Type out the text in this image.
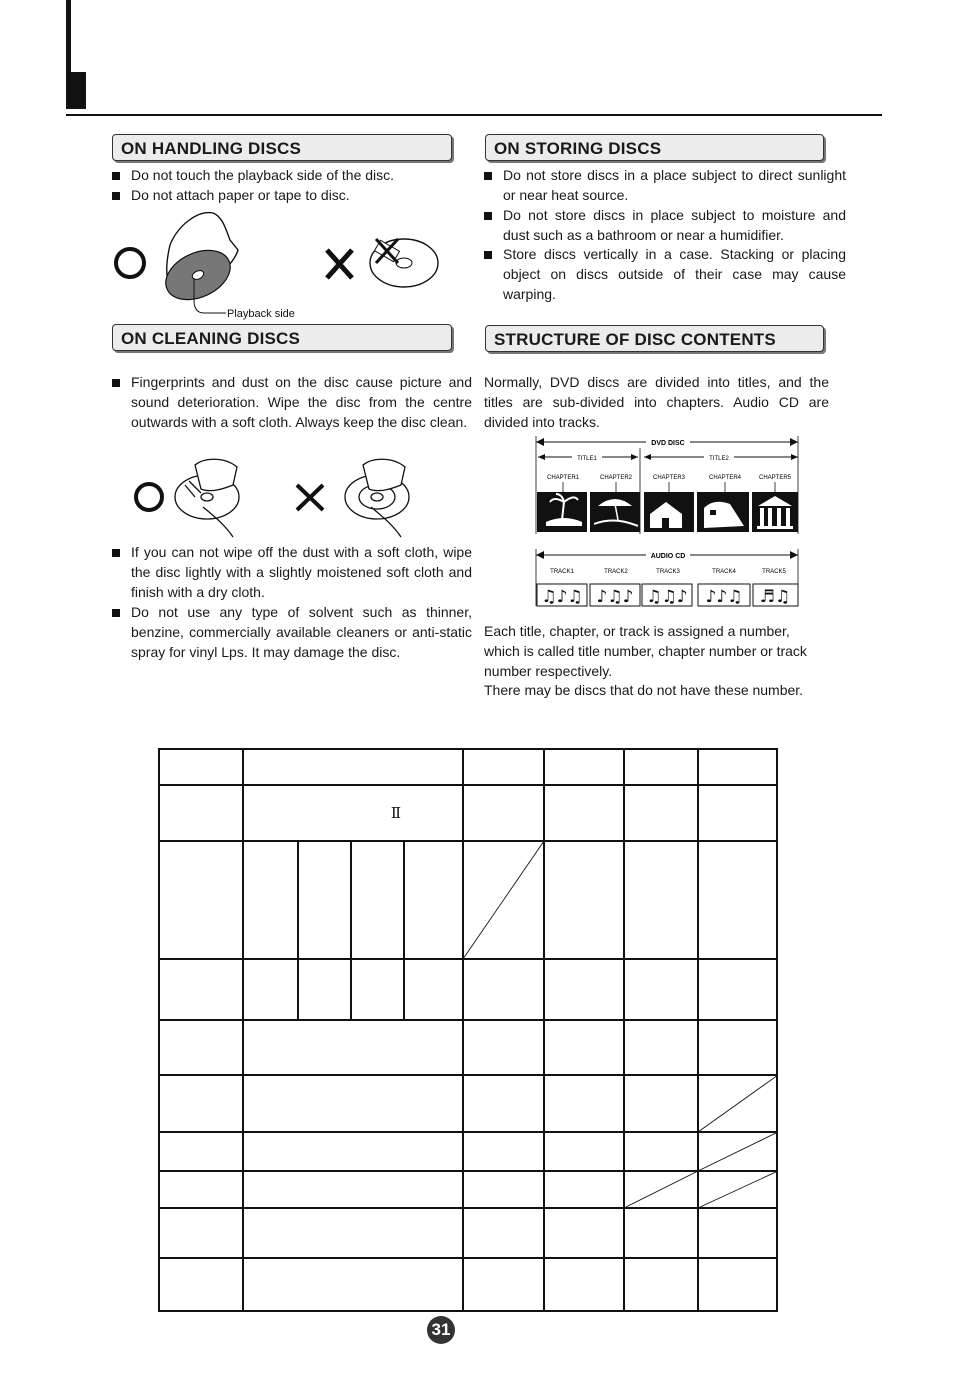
ON HANDLING DISCS
Do not touch the playback side of the disc.
Do not attach paper or tape to disc.
Playback side
ON STORING DISCS
Do not store discs in a place subject to direct sunlight or near heat source.
Do not store discs in place subject to moisture and dust such as a bathroom or near a humidifier.
Store discs vertically in a case. Stacking or placing object on discs outside of their case may cause warping.
ON CLEANING DISCS
Fingerprints and dust on the disc cause picture and sound deterioration. Wipe the disc from the centre outwards with a soft cloth. Always keep the disc clean.
If you can not wipe off the dust with a soft cloth, wipe the disc lightly with a slightly moistened soft cloth and finish with a dry cloth.
Do not use any type of solvent such as thinner, benzine, commercially available cleaners or anti-static spray for vinyl Lps. It may damage the disc.
STRUCTURE OF DISC CONTENTS
Normally, DVD discs are divided into titles, and the titles are sub-divided into chapters. Audio CD are divided into tracks.
DVD DISC
TITLE1	TITLE2
CHAPTER1	CHAPTER2	CHAPTER3	CHAPTER4	CHAPTER5
AUDIO CD
TRACK1	TRACK2	TRACK3	TRACK4	TRACK5
♫♪♫ ♪♫♪ ♫♫♪ ♪♪♫ ♬♫
Each title, chapter, or track is assigned a number, which is called title number, chapter number or track number respectively.
There may be discs that do not have these number.
Ⅱ
31
